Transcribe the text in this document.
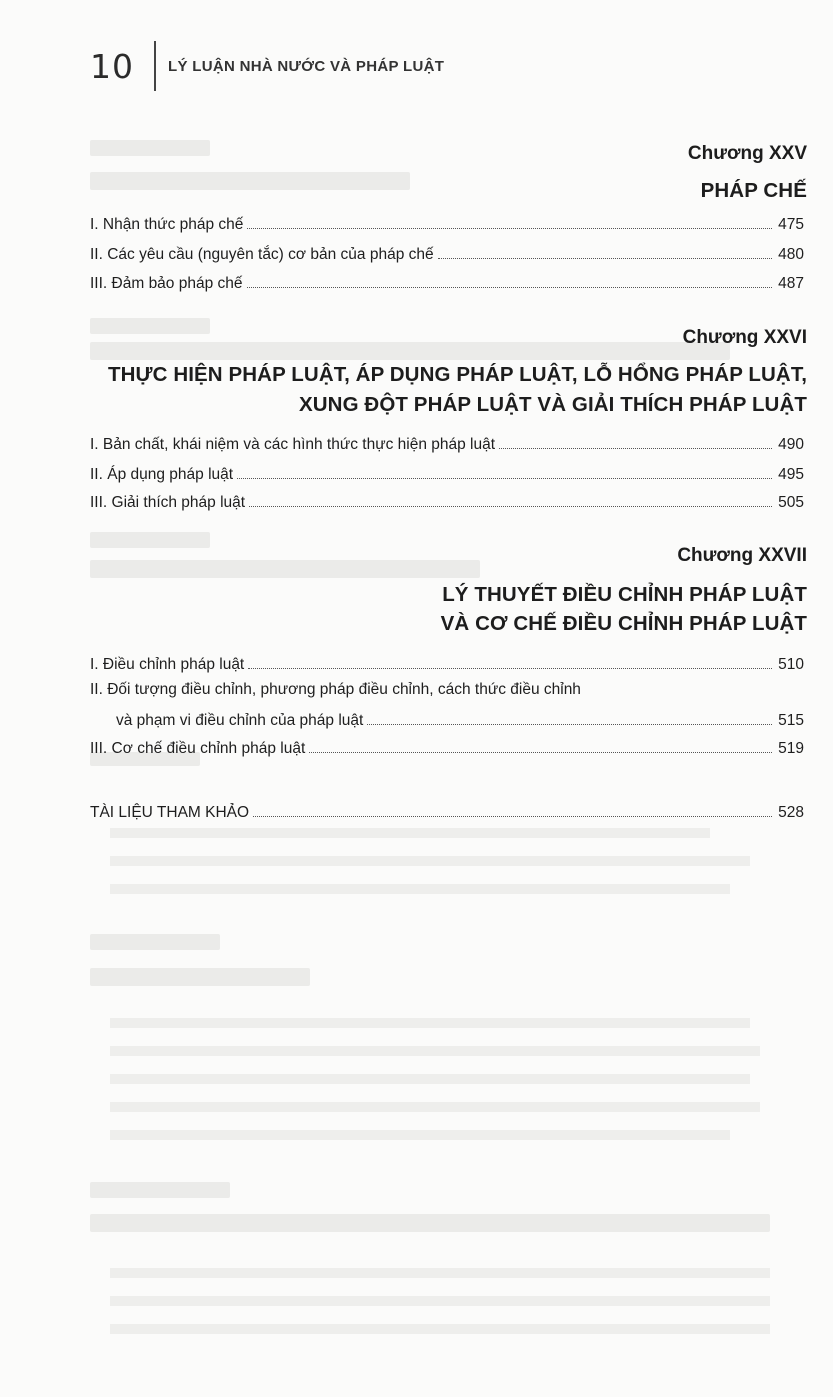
10 LÝ LUẬN NHÀ NƯỚC VÀ PHÁP LUẬT
Chương XXV
PHÁP CHẾ
I. Nhận thức pháp chế	475
II. Các yêu cầu (nguyên tắc) cơ bản của pháp chế	480
III. Đảm bảo pháp chế	487
Chương XXVI
THỰC HIỆN PHÁP LUẬT, ÁP DỤNG PHÁP LUẬT, LỖ HỔNG PHÁP LUẬT,
XUNG ĐỘT PHÁP LUẬT VÀ GIẢI THÍCH PHÁP LUẬT
I. Bản chất, khái niệm và các hình thức thực hiện pháp luật	490
II. Áp dụng pháp luật	495
III. Giải thích pháp luật	505
Chương XXVII
LÝ THUYẾT ĐIỀU CHỈNH PHÁP LUẬT
VÀ CƠ CHẾ ĐIỀU CHỈNH PHÁP LUẬT
I. Điều chỉnh pháp luật	510
II. Đối tượng điều chỉnh, phương pháp điều chỉnh, cách thức điều chỉnh
và phạm vi điều chỉnh của pháp luật	515
III. Cơ chế điều chỉnh pháp luật	519
TÀI LIỆU THAM KHẢO	528
